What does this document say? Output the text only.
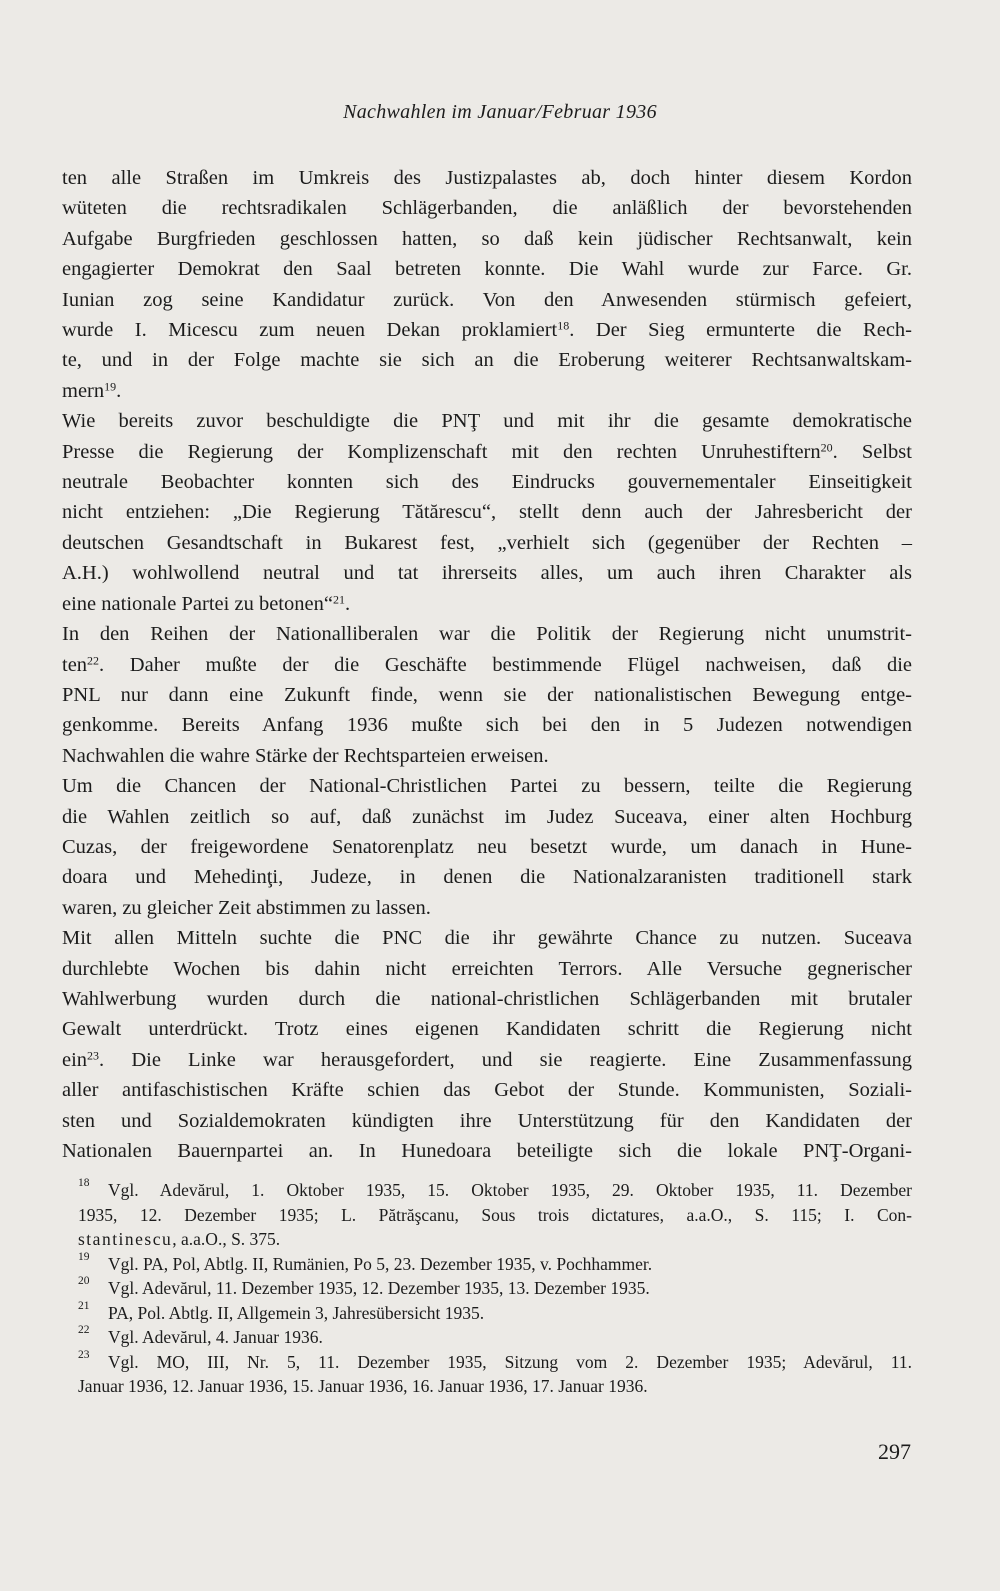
Nachwahlen im Januar/Februar 1936
ten alle Straßen im Umkreis des Justizpalastes ab, doch hinter diesem Kordon
wüteten die rechtsradikalen Schlägerbanden, die anläßlich der bevorstehenden
Aufgabe Burgfrieden geschlossen hatten, so daß kein jüdischer Rechtsanwalt, kein
engagierter Demokrat den Saal betreten konnte. Die Wahl wurde zur Farce. Gr.
Iunian zog seine Kandidatur zurück. Von den Anwesenden stürmisch gefeiert,
wurde I. Micescu zum neuen Dekan proklamiert$^{18}$. Der Sieg ermunterte die Rech-
te, und in der Folge machte sie sich an die Eroberung weiterer Rechtsanwaltskam-
mern$^{19}$.
Wie bereits zuvor beschuldigte die PNŢ und mit ihr die gesamte demokratische
Presse die Regierung der Komplizenschaft mit den rechten Unruhestiftern$^{20}$. Selbst
neutrale Beobachter konnten sich des Eindrucks gouvernementaler Einseitigkeit
nicht entziehen: „Die Regierung Tătărescu“, stellt denn auch der Jahresbericht der
deutschen Gesandtschaft in Bukarest fest, „verhielt sich (gegenüber der Rechten –
A.H.) wohlwollend neutral und tat ihrerseits alles, um auch ihren Charakter als
eine nationale Partei zu betonen“$^{21}$.
In den Reihen der Nationalliberalen war die Politik der Regierung nicht unumstrit-
ten$^{22}$. Daher mußte der die Geschäfte bestimmende Flügel nachweisen, daß die
PNL nur dann eine Zukunft finde, wenn sie der nationalistischen Bewegung entge-
genkomme. Bereits Anfang 1936 mußte sich bei den in 5 Judezen notwendigen
Nachwahlen die wahre Stärke der Rechtsparteien erweisen.
Um die Chancen der National-Christlichen Partei zu bessern, teilte die Regierung
die Wahlen zeitlich so auf, daß zunächst im Judez Suceava, einer alten Hochburg
Cuzas, der freigewordene Senatorenplatz neu besetzt wurde, um danach in Hune-
doara und Mehedinţi, Judeze, in denen die Nationalzaranisten traditionell stark
waren, zu gleicher Zeit abstimmen zu lassen.
Mit allen Mitteln suchte die PNC die ihr gewährte Chance zu nutzen. Suceava
durchlebte Wochen bis dahin nicht erreichten Terrors. Alle Versuche gegnerischer
Wahlwerbung wurden durch die national-christlichen Schlägerbanden mit brutaler
Gewalt unterdrückt. Trotz eines eigenen Kandidaten schritt die Regierung nicht
ein$^{23}$. Die Linke war herausgefordert, und sie reagierte. Eine Zusammenfassung
aller antifaschistischen Kräfte schien das Gebot der Stunde. Kommunisten, Soziali-
sten und Sozialdemokraten kündigten ihre Unterstützung für den Kandidaten der
Nationalen Bauernpartei an. In Hunedoara beteiligte sich die lokale PNŢ-Organi-
18 Vgl. Adevărul, 1. Oktober 1935, 15. Oktober 1935, 29. Oktober 1935, 11. Dezember
1935, 12. Dezember 1935; L. Pătrăşcanu, Sous trois dictatures, a.a.O., S. 115; I. Con-
stantinescu, a.a.O., S. 375.
19 Vgl. PA, Pol, Abtlg. II, Rumänien, Po 5, 23. Dezember 1935, v. Pochhammer.
20 Vgl. Adevărul, 11. Dezember 1935, 12. Dezember 1935, 13. Dezember 1935.
21 PA, Pol. Abtlg. II, Allgemein 3, Jahresübersicht 1935.
22 Vgl. Adevărul, 4. Januar 1936.
23 Vgl. MO, III, Nr. 5, 11. Dezember 1935, Sitzung vom 2. Dezember 1935; Adevărul, 11.
Januar 1936, 12. Januar 1936, 15. Januar 1936, 16. Januar 1936, 17. Januar 1936.
297
